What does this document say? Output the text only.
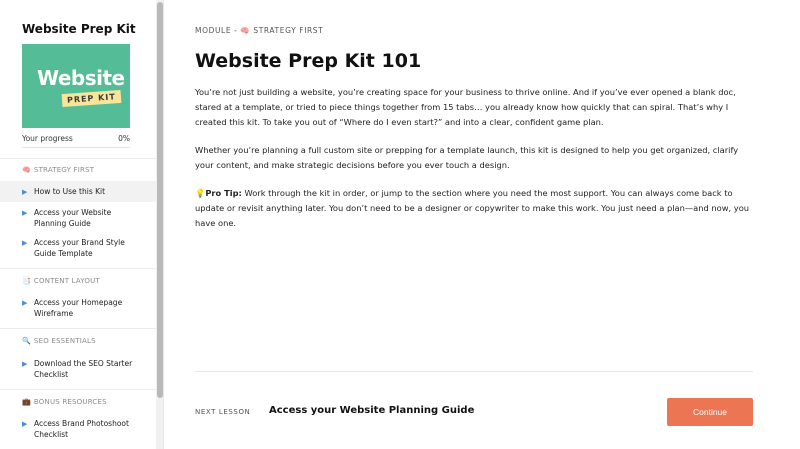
Website Prep Kit
Website
PREP KIT
Your progress	0%
🧠 STRATEGY FIRST
▶ How to Use this Kit
▶ Access your Website Planning Guide
▶ Access your Brand Style Guide Template
📑 CONTENT LAYOUT
▶ Access your Homepage Wireframe
🔍 SEO ESSENTIALS
▶ Download the SEO Starter Checklist
💼 BONUS RESOURCES
▶ Access Brand Photoshoot Checklist
MODULE - 🧠 STRATEGY FIRST
Website Prep Kit 101

You’re not just building a website, you’re creating space for your business to thrive online. And if you’ve ever opened a blank doc, stared at a template, or tried to piece things together from 15 tabs… you already know how quickly that can spiral. That’s why I created this kit. To take you out of “Where do I even start?” and into a clear, confident game plan.

Whether you’re planning a full custom site or prepping for a template launch, this kit is designed to help you get organized, clarify your content, and make strategic decisions before you ever touch a design.

💡Pro Tip: Work through the kit in order, or jump to the section where you need the most support. You can always come back to update or revisit anything later. You don’t need to be a designer or copywriter to make this work. You just need a plan—and now, you have one.

NEXT LESSON Access your Website Planning Guide	Continue
